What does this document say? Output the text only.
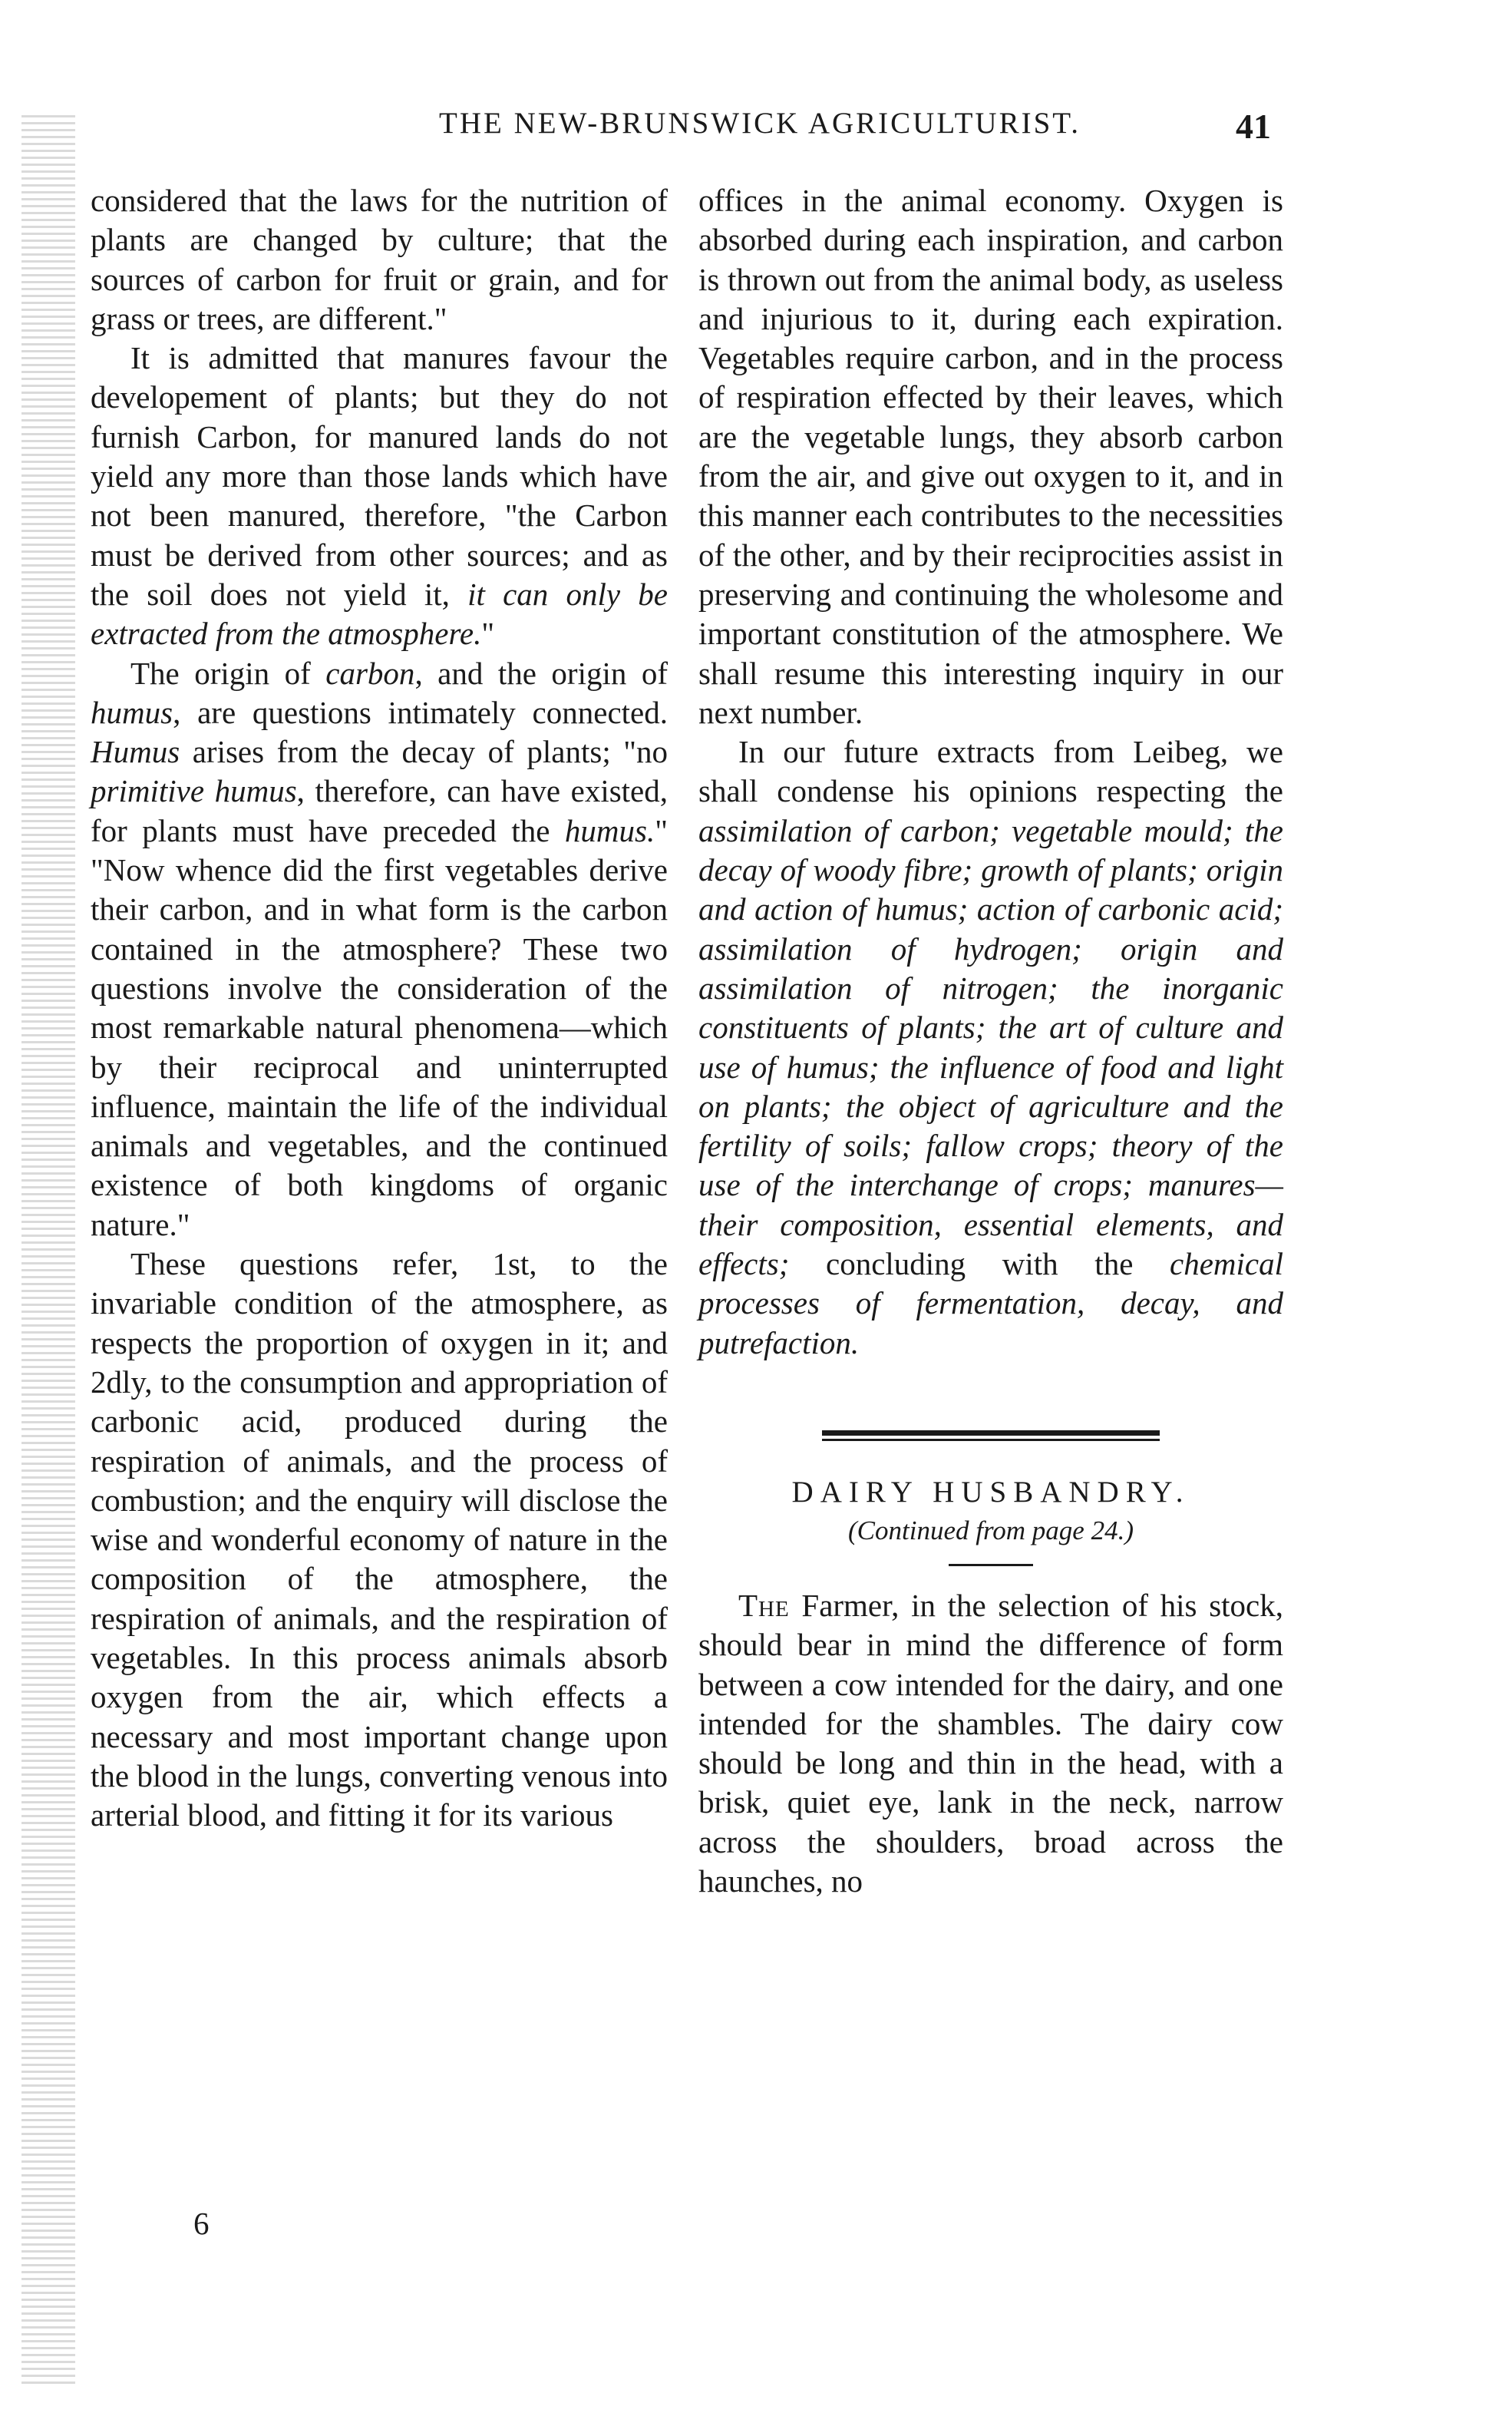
THE NEW-BRUNSWICK AGRICULTURIST.	41

considered that the laws for the nutrition of plants are changed by culture; that the sources of carbon for fruit or grain, and for grass or trees, are different."

It is admitted that manures favour the developement of plants; but they do not furnish Carbon, for manured lands do not yield any more than those lands which have not been manured, therefore, "the Carbon must be derived from other sources; and as the soil does not yield it, it can only be extracted from the atmosphere."

The origin of carbon, and the origin of humus, are questions intimately connected. Humus arises from the decay of plants; "no primitive humus, therefore, can have existed, for plants must have preceded the humus." "Now whence did the first vegetables derive their carbon, and in what form is the carbon contained in the atmosphere? These two questions involve the consideration of the most remarkable natural phenomena—which by their reciprocal and uninterrupted influence, maintain the life of the individual animals and vegetables, and the continued existence of both kingdoms of organic nature."

These questions refer, 1st, to the invariable condition of the atmosphere, as respects the proportion of oxygen in it; and 2dly, to the consumption and appropriation of carbonic acid, produced during the respiration of animals, and the process of combustion; and the enquiry will disclose the wise and wonderful economy of nature in the composition of the atmosphere, the respiration of animals, and the respiration of vegetables. In this process animals absorb oxygen from the air, which effects a necessary and most important change upon the blood in the lungs, converting venous into arterial blood, and fitting it for its various

6

offices in the animal economy. Oxygen is absorbed during each inspiration, and carbon is thrown out from the animal body, as useless and injurious to it, during each expiration. Vegetables require carbon, and in the process of respiration effected by their leaves, which are the vegetable lungs, they absorb carbon from the air, and give out oxygen to it, and in this manner each contributes to the necessities of the other, and by their reciprocities assist in preserving and continuing the wholesome and important constitution of the atmosphere. We shall resume this interesting inquiry in our next number.

In our future extracts from Leibeg, we shall condense his opinions respecting the assimilation of carbon; vegetable mould; the decay of woody fibre; growth of plants; origin and action of humus; action of carbonic acid; assimilation of hydrogen; origin and assimilation of nitrogen; the inorganic constituents of plants; the art of culture and use of humus; the influence of food and light on plants; the object of agriculture and the fertility of soils; fallow crops; theory of the use of the interchange of crops; manures—their composition, essential elements, and effects; concluding with the chemical processes of fermentation, decay, and putrefaction.

DAIRY HUSBANDRY.
(Continued from page 24.)

The Farmer, in the selection of his stock, should bear in mind the difference of form between a cow intended for the dairy, and one intended for the shambles. The dairy cow should be long and thin in the head, with a brisk, quiet eye, lank in the neck, narrow across the shoulders, broad across the haunches, no
